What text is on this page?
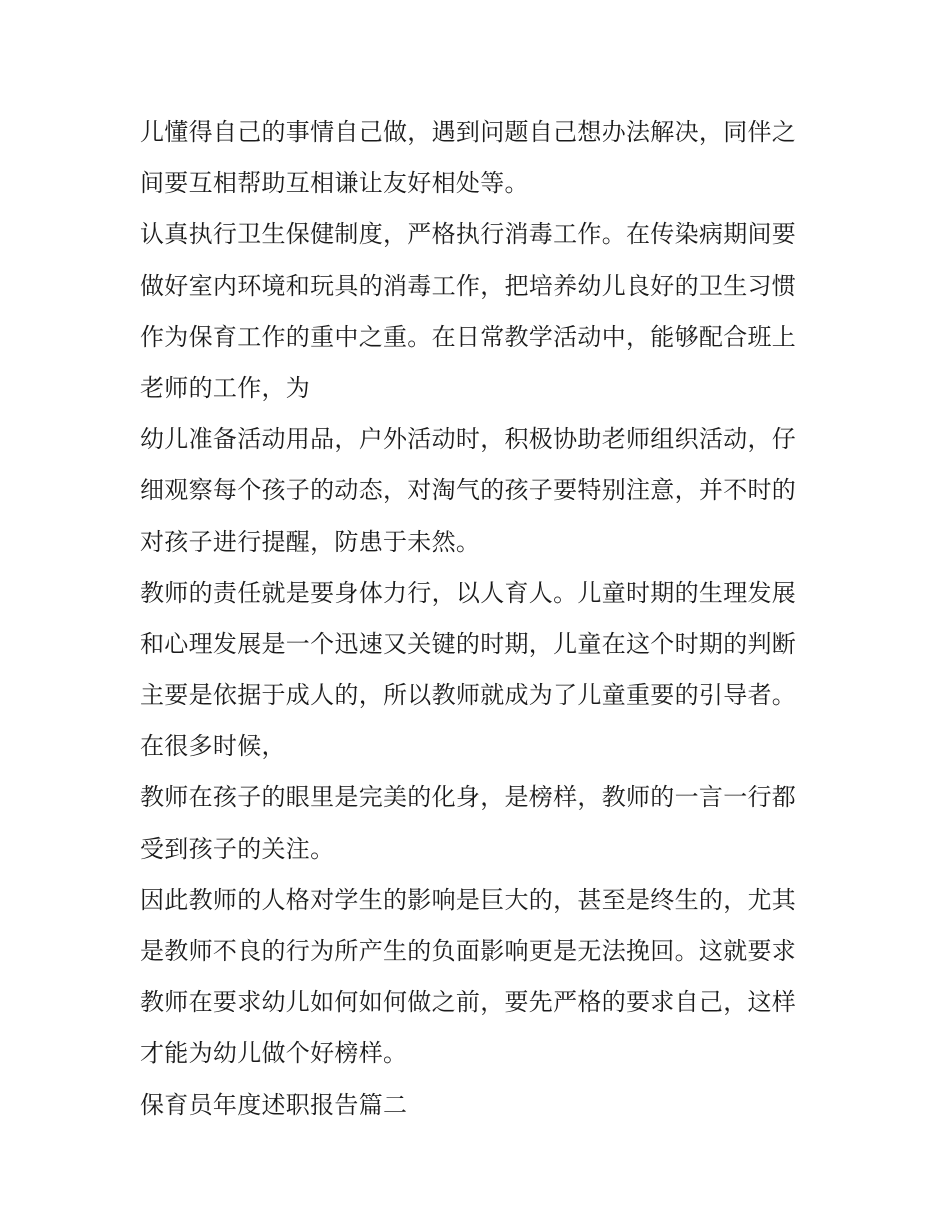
儿懂得自己的事情自己做，遇到问题自己想办法解决，同伴之
间要互相帮助互相谦让友好相处等。
认真执行卫生保健制度，严格执行消毒工作。在传染病期间要
做好室内环境和玩具的消毒工作，把培养幼儿良好的卫生习惯
作为保育工作的重中之重。在日常教学活动中，能够配合班上
老师的工作，为
幼儿准备活动用品，户外活动时，积极协助老师组织活动，仔
细观察每个孩子的动态，对淘气的孩子要特别注意，并不时的
对孩子进行提醒，防患于未然。
教师的责任就是要身体力行，以人育人。儿童时期的生理发展
和心理发展是一个迅速又关键的时期，儿童在这个时期的判断
主要是依据于成人的，所以教师就成为了儿童重要的引导者。
在很多时候，
教师在孩子的眼里是完美的化身，是榜样，教师的一言一行都
受到孩子的关注。
因此教师的人格对学生的影响是巨大的，甚至是终生的，尤其
是教师不良的行为所产生的负面影响更是无法挽回。这就要求
教师在要求幼儿如何如何做之前，要先严格的要求自己，这样
才能为幼儿做个好榜样。
保育员年度述职报告篇二
